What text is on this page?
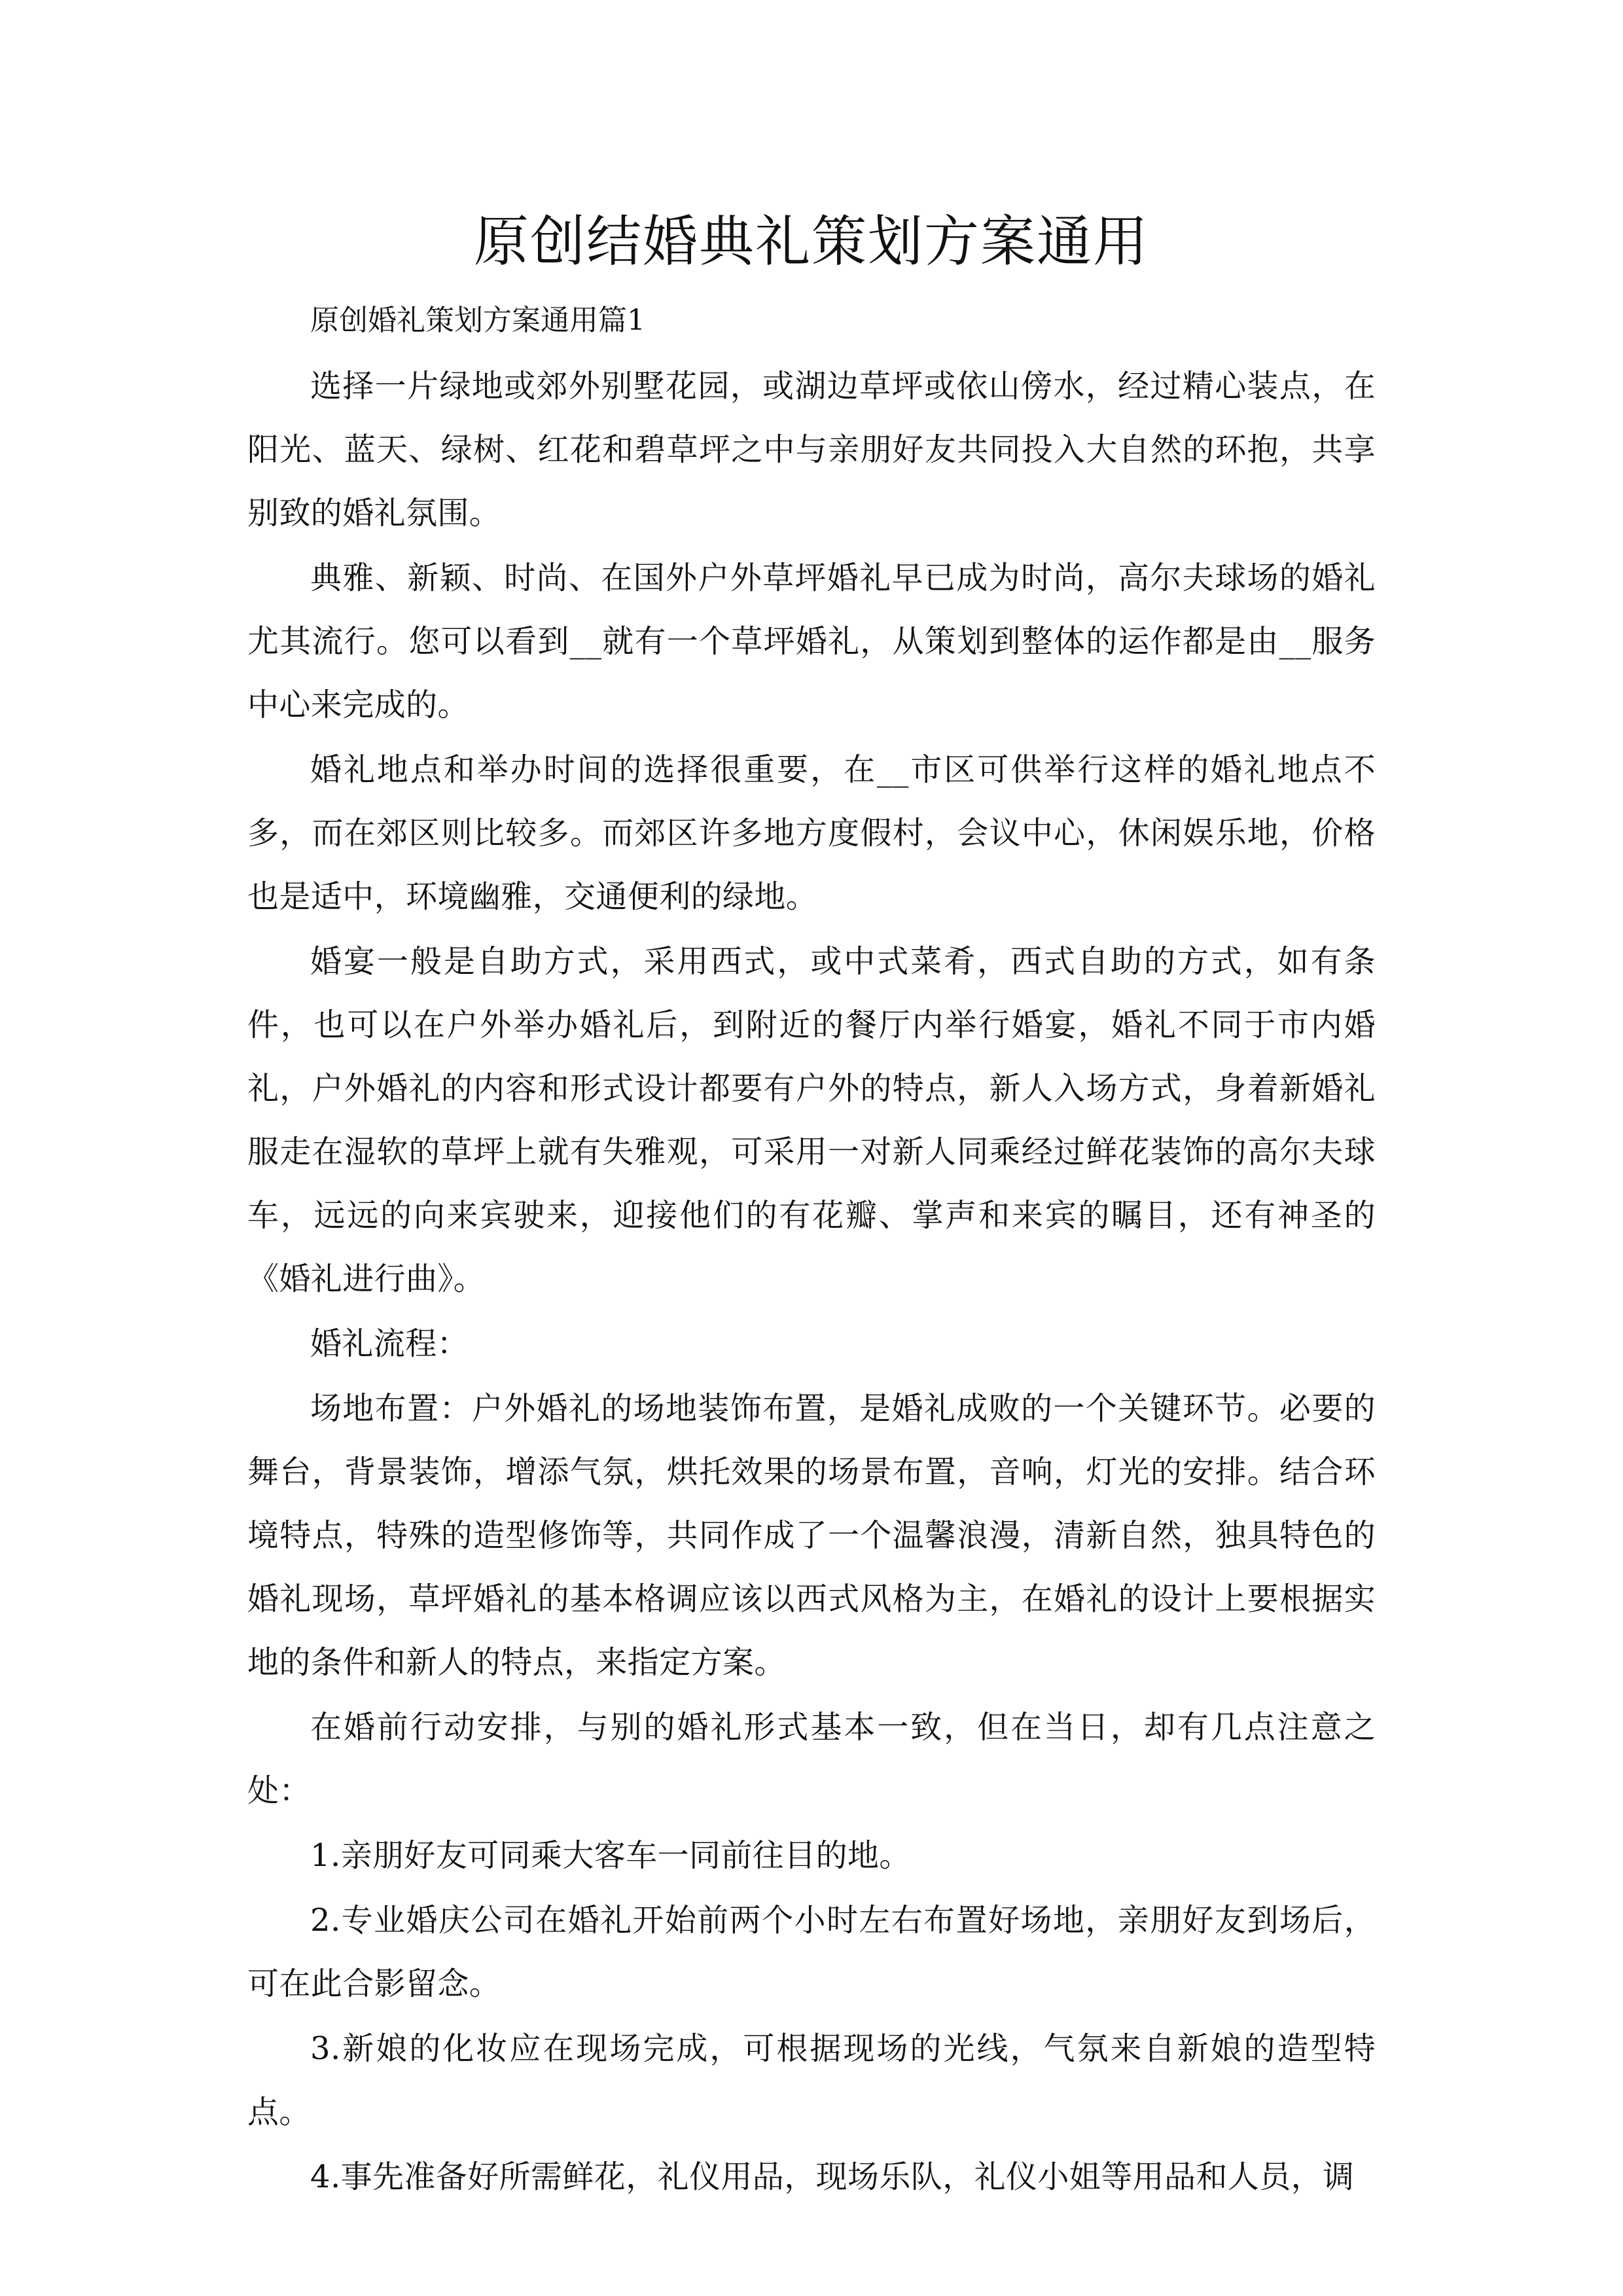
原创结婚典礼策划方案通用

原创婚礼策划方案通用篇1

选择一片绿地或郊外别墅花园，或湖边草坪或依山傍水，经过精心装点，在阳光、蓝天、绿树、红花和碧草坪之中与亲朋好友共同投入大自然的环抱，共享别致的婚礼氛围。

典雅、新颖、时尚、在国外户外草坪婚礼早已成为时尚，高尔夫球场的婚礼尤其流行。您可以看到__就有一个草坪婚礼，从策划到整体的运作都是由__服务中心来完成的。

婚礼地点和举办时间的选择很重要，在__市区可供举行这样的婚礼地点不多，而在郊区则比较多。而郊区许多地方度假村，会议中心，休闲娱乐地，价格也是适中，环境幽雅，交通便利的绿地。

婚宴一般是自助方式，采用西式，或中式菜肴，西式自助的方式，如有条件，也可以在户外举办婚礼后，到附近的餐厅内举行婚宴，婚礼不同于市内婚礼，户外婚礼的内容和形式设计都要有户外的特点，新人入场方式，身着新婚礼服走在湿软的草坪上就有失雅观，可采用一对新人同乘经过鲜花装饰的高尔夫球车，远远的向来宾驶来，迎接他们的有花瓣、掌声和来宾的瞩目，还有神圣的《婚礼进行曲》。

婚礼流程：

场地布置：户外婚礼的场地装饰布置，是婚礼成败的一个关键环节。必要的舞台，背景装饰，增添气氛，烘托效果的场景布置，音响，灯光的安排。结合环境特点，特殊的造型修饰等，共同作成了一个温馨浪漫，清新自然，独具特色的婚礼现场，草坪婚礼的基本格调应该以西式风格为主，在婚礼的设计上要根据实地的条件和新人的特点，来指定方案。

在婚前行动安排，与别的婚礼形式基本一致，但在当日，却有几点注意之处：

1.亲朋好友可同乘大客车一同前往目的地。

2.专业婚庆公司在婚礼开始前两个小时左右布置好场地，亲朋好友到场后，可在此合影留念。

3.新娘的化妆应在现场完成，可根据现场的光线，气氛来自新娘的造型特点。

4.事先准备好所需鲜花，礼仪用品，现场乐队，礼仪小姐等用品和人员，调
